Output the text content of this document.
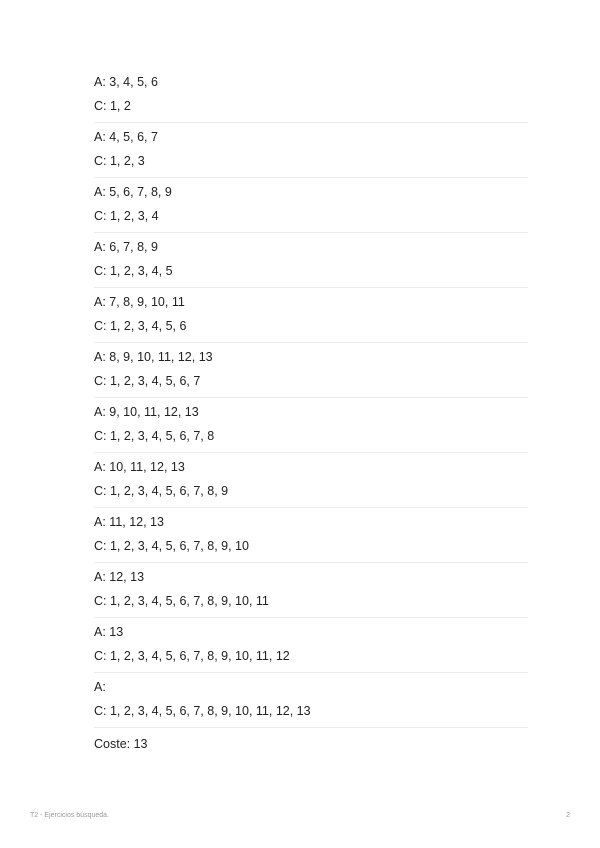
A: 3, 4, 5, 6
C: 1, 2
A: 4, 5, 6, 7
C: 1, 2, 3
A: 5, 6, 7, 8, 9
C: 1, 2, 3, 4
A: 6, 7, 8, 9
C: 1, 2, 3, 4, 5
A: 7, 8, 9, 10, 11
C: 1, 2, 3, 4, 5, 6
A: 8, 9, 10, 11, 12, 13
C: 1, 2, 3, 4, 5, 6, 7
A: 9, 10, 11, 12, 13
C: 1, 2, 3, 4, 5, 6, 7, 8
A: 10, 11, 12, 13
C: 1, 2, 3, 4, 5, 6, 7, 8, 9
A: 11, 12, 13
C: 1, 2, 3, 4, 5, 6, 7, 8, 9, 10
A: 12, 13
C: 1, 2, 3, 4, 5, 6, 7, 8, 9, 10, 11
A: 13
C: 1, 2, 3, 4, 5, 6, 7, 8, 9, 10, 11, 12
A:
C: 1, 2, 3, 4, 5, 6, 7, 8, 9, 10, 11, 12, 13
Coste: 13
T2 - Ejercicios búsqueda.	2
